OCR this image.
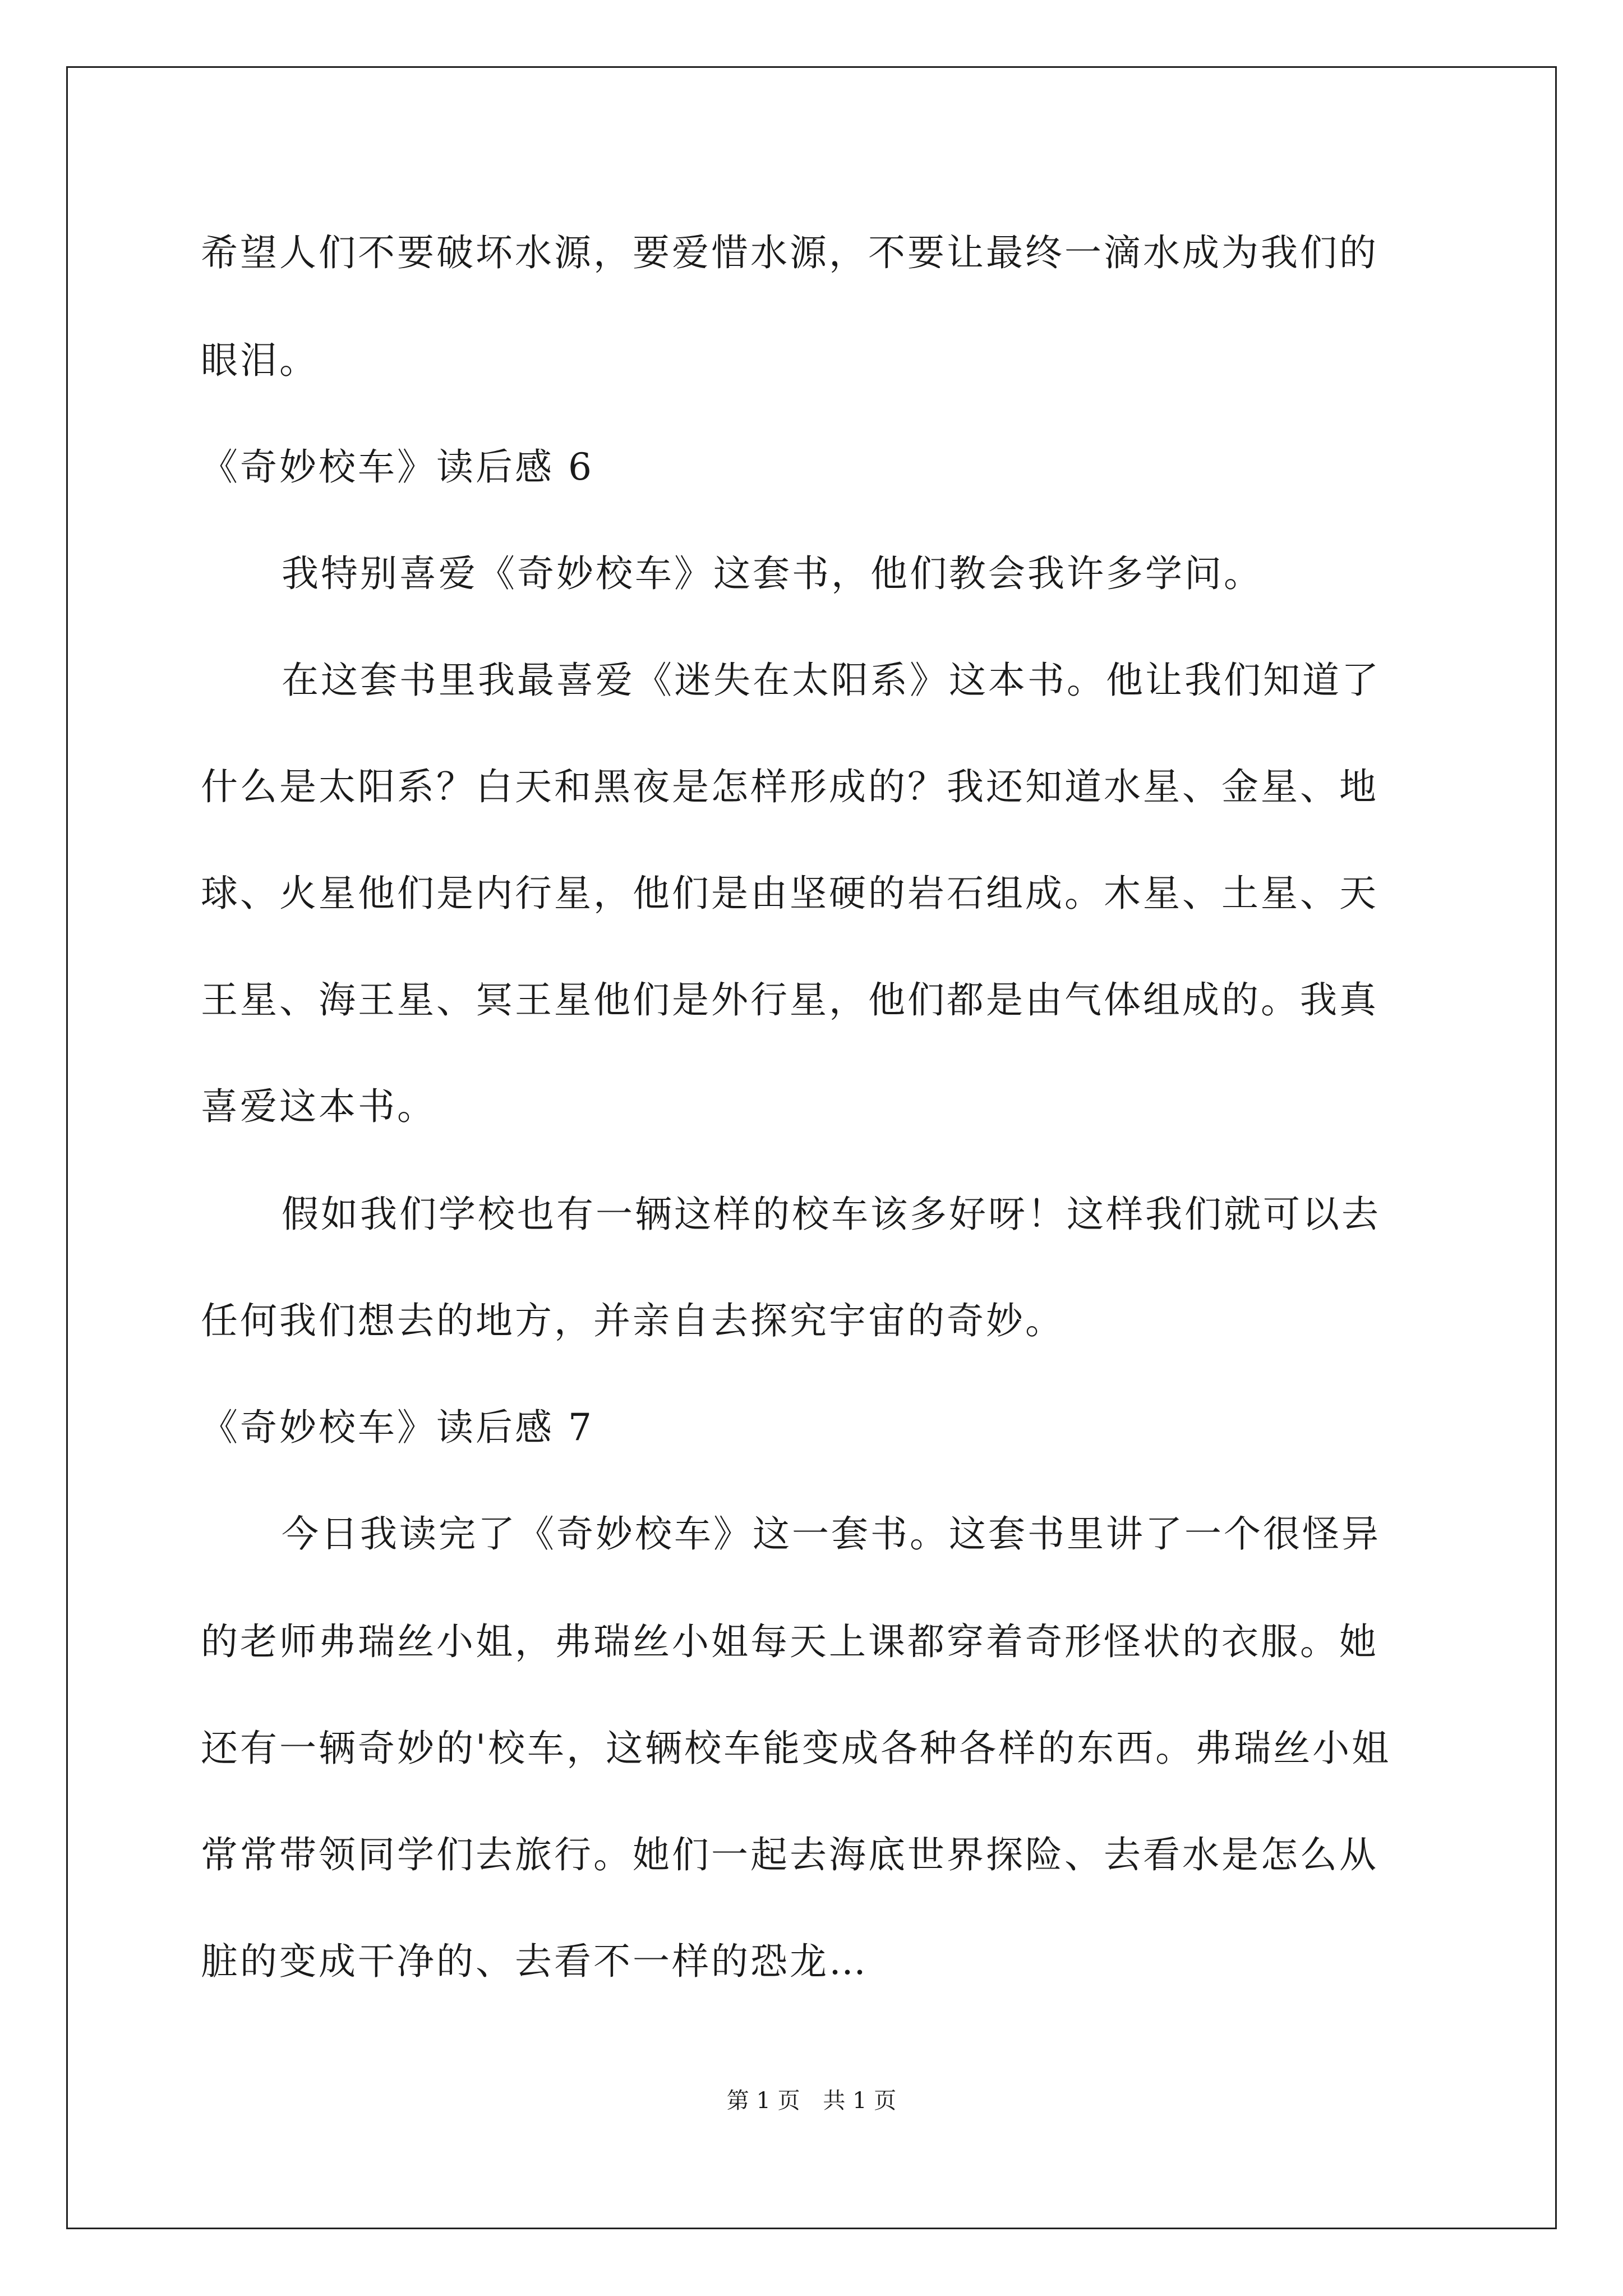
希望人们不要破坏水源，要爱惜水源，不要让最终一滴水成为我们的
眼泪。
《奇妙校车》读后感 6
我特别喜爱《奇妙校车》这套书，他们教会我许多学问。
在这套书里我最喜爱《迷失在太阳系》这本书。他让我们知道了
什么是太阳系？白天和黑夜是怎样形成的？我还知道水星、金星、地
球、火星他们是内行星，他们是由坚硬的岩石组成。木星、土星、天
王星、海王星、冥王星他们是外行星，他们都是由气体组成的。我真
喜爱这本书。
假如我们学校也有一辆这样的校车该多好呀！这样我们就可以去
任何我们想去的地方，并亲自去探究宇宙的奇妙。
《奇妙校车》读后感 7
今日我读完了《奇妙校车》这一套书。这套书里讲了一个很怪异
的老师弗瑞丝小姐，弗瑞丝小姐每天上课都穿着奇形怪状的衣服。她
还有一辆奇妙的'校车，这辆校车能变成各种各样的东西。弗瑞丝小姐
常常带领同学们去旅行。她们一起去海底世界探险、去看水是怎么从
脏的变成干净的、去看不一样的恐龙…
第 1 页 共 1 页
